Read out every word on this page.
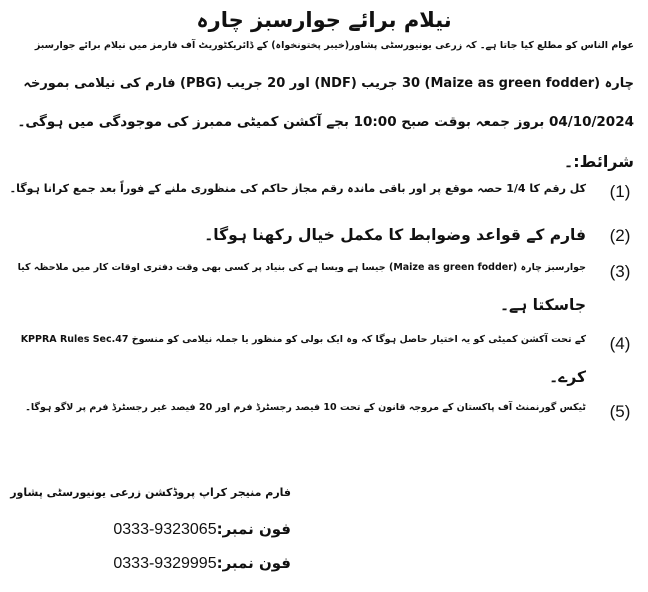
نیلام برائے جوارسبز چارہ
عوام الناس کو مطلع کیا جاتا ہے۔ کہ زرعی یونیورسٹی پشاور(خیبر پختونخواہ) کے ڈائریکٹوریٹ آف فارمز میں نیلام برائے جوارسبز
چارہ (Maize as green fodder) 30 جریب (NDF) اور 20 جریب (PBG) فارم کی نیلامی بمورخہ
04/10/2024 بروز جمعہ بوقت صبح 10:00 بجے آکشن کمیٹی ممبرز کی موجودگی میں ہوگی۔
شرائط:۔
(1)
کل رقم کا 1/4 حصہ موقع پر اور باقی ماندہ رقم مجاز حاکم کی منظوری ملنے کے فوراً بعد جمع کرانا ہوگا۔
(2)
فارم کے قواعد وضوابط کا مکمل خیال رکھنا ہوگا۔
(3)
جوارسبز چارہ (Maize as green fodder) جیسا ہے ویسا ہے کی بنیاد پر کسی بھی وقت دفتری اوقات کار میں ملاحظہ کیا
جاسکتا ہے۔
(4)
KPPRA Rules Sec.47 کے تحت آکشن کمیٹی کو یہ اختیار حاصل ہوگا کہ وہ ایک بولی کو منظور یا جملہ نیلامی کو منسوخ
کرے۔
(5)
ٹیکس گورنمنٹ آف پاکستان کے مروجہ قانون کے تحت 10 فیصد رجسٹرڈ فرم اور 20 فیصد غیر رجسٹرڈ فرم پر لاگو ہوگا۔
فارم منیجر کراپ پروڈکشن زرعی یونیورسٹی پشاور
فون نمبر:0333-9323065
فون نمبر:0333-9329995
